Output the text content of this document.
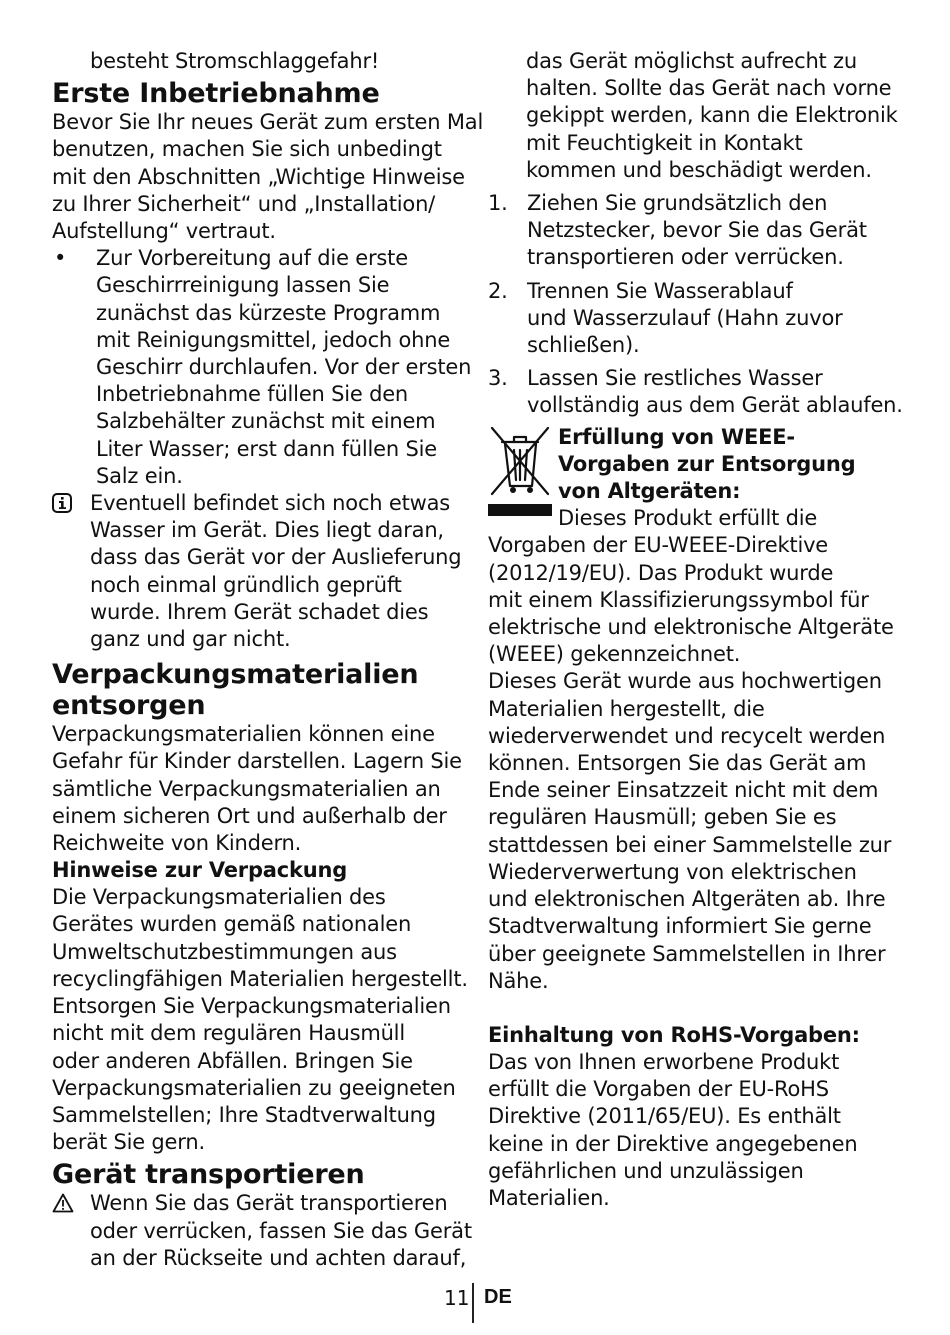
besteht Stromschlaggefahr!
Erste Inbetriebnahme
Bevor Sie Ihr neues Gerät zum ersten Mal
benutzen, machen Sie sich unbedingt
mit den Abschnitten „Wichtige Hinweise
zu Ihrer Sicherheit“ und „Installation/
Aufstellung“ vertraut.
• Zur Vorbereitung auf die erste
Geschirrreinigung lassen Sie
zunächst das kürzeste Programm
mit Reinigungsmittel, jedoch ohne
Geschirr durchlaufen. Vor der ersten
Inbetriebnahme füllen Sie den
Salzbehälter zunächst mit einem
Liter Wasser; erst dann füllen Sie
Salz ein.
Eventuell befindet sich noch etwas
Wasser im Gerät. Dies liegt daran,
dass das Gerät vor der Auslieferung
noch einmal gründlich geprüft
wurde. Ihrem Gerät schadet dies
ganz und gar nicht.
Verpackungsmaterialien
entsorgen
Verpackungsmaterialien können eine
Gefahr für Kinder darstellen. Lagern Sie
sämtliche Verpackungsmaterialien an
einem sicheren Ort und außerhalb der
Reichweite von Kindern.
Hinweise zur Verpackung
Die Verpackungsmaterialien des
Gerätes wurden gemäß nationalen
Umweltschutzbestimmungen aus
recyclingfähigen Materialien hergestellt.
Entsorgen Sie Verpackungsmaterialien
nicht mit dem regulären Hausmüll
oder anderen Abfällen. Bringen Sie
Verpackungsmaterialien zu geeigneten
Sammelstellen; Ihre Stadtverwaltung
berät Sie gern.
Gerät transportieren
Wenn Sie das Gerät transportieren
oder verrücken, fassen Sie das Gerät
an der Rückseite und achten darauf,
das Gerät möglichst aufrecht zu
halten. Sollte das Gerät nach vorne
gekippt werden, kann die Elektronik
mit Feuchtigkeit in Kontakt
kommen und beschädigt werden.
1. Ziehen Sie grundsätzlich den
Netzstecker, bevor Sie das Gerät
transportieren oder verrücken.
2. Trennen Sie Wasserablauf
und Wasserzulauf (Hahn zuvor
schließen).
3. Lassen Sie restliches Wasser
vollständig aus dem Gerät ablaufen.
Erfüllung von WEEE-
Vorgaben zur Entsorgung
von Altgeräten:
Dieses Produkt erfüllt die
Vorgaben der EU-WEEE-Direktive
(2012/19/EU). Das Produkt wurde
mit einem Klassifizierungssymbol für
elektrische und elektronische Altgeräte
(WEEE) gekennzeichnet.
Dieses Gerät wurde aus hochwertigen
Materialien hergestellt, die
wiederverwendet und recycelt werden
können. Entsorgen Sie das Gerät am
Ende seiner Einsatzzeit nicht mit dem
regulären Hausmüll; geben Sie es
stattdessen bei einer Sammelstelle zur
Wiederverwertung von elektrischen
und elektronischen Altgeräten ab. Ihre
Stadtverwaltung informiert Sie gerne
über geeignete Sammelstellen in Ihrer
Nähe.
Einhaltung von RoHS-Vorgaben:
Das von Ihnen erworbene Produkt
erfüllt die Vorgaben der EU-RoHS
Direktive (2011/65/EU). Es enthält
keine in der Direktive angegebenen
gefährlichen und unzulässigen
Materialien.
11 DE
